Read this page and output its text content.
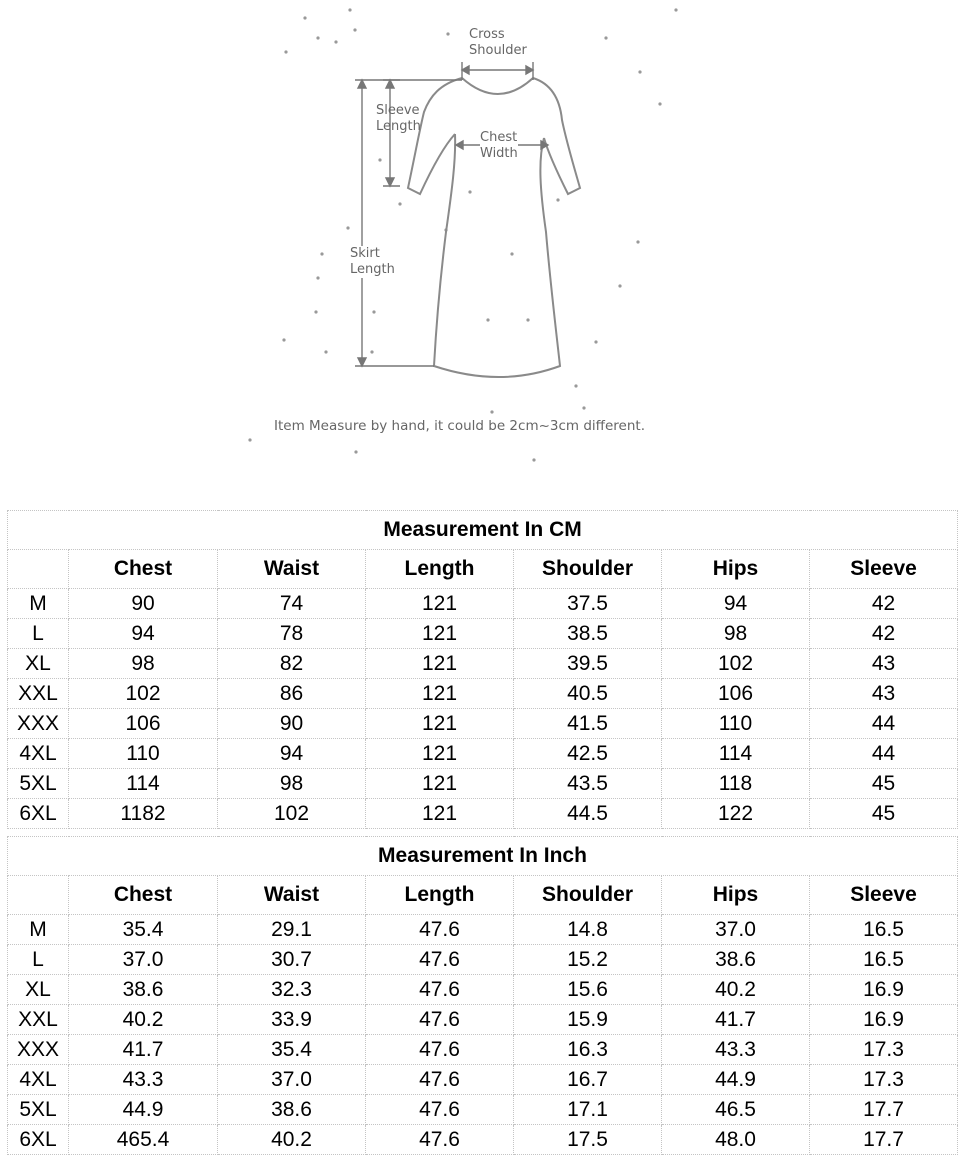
Cross
Shoulder
Sleeve
Length
Chest
Width
Skirt
Length
Item Measure by hand, it could be 2cm~3cm different.
Measurement In CM						
	Chest	Waist	Length	Shoulder	Hips	Sleeve
M	90	74	121	37.5	94	42
L	94	78	121	38.5	98	42
XL	98	82	121	39.5	102	43
XXL	102	86	121	40.5	106	43
XXX	106	90	121	41.5	110	44
4XL	110	94	121	42.5	114	44
5XL	114	98	121	43.5	118	45
6XL	1182	102	121	44.5	122	45
Measurement In Inch						
	Chest	Waist	Length	Shoulder	Hips	Sleeve
M	35.4	29.1	47.6	14.8	37.0	16.5
L	37.0	30.7	47.6	15.2	38.6	16.5
XL	38.6	32.3	47.6	15.6	40.2	16.9
XXL	40.2	33.9	47.6	15.9	41.7	16.9
XXX	41.7	35.4	47.6	16.3	43.3	17.3
4XL	43.3	37.0	47.6	16.7	44.9	17.3
5XL	44.9	38.6	47.6	17.1	46.5	17.7
6XL	465.4	40.2	47.6	17.5	48.0	17.7
